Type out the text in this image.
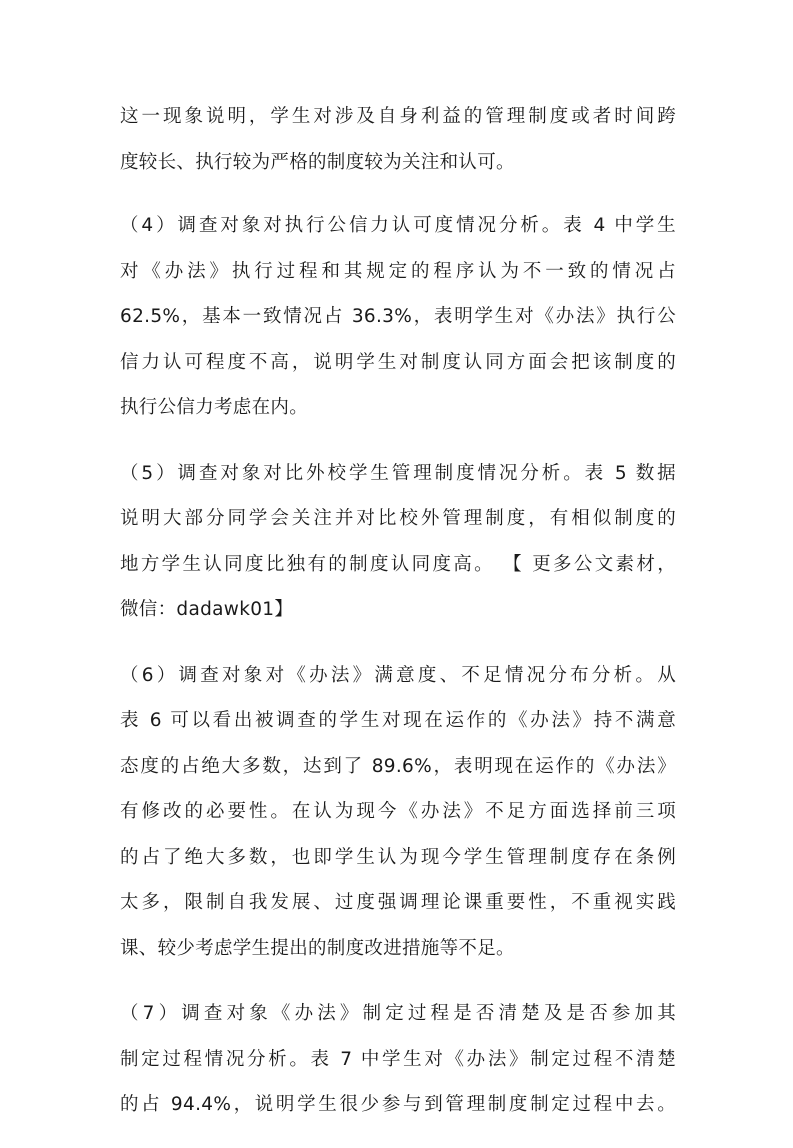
这一现象说明，学生对涉及自身利益的管理制度或者时间跨
度较长、执行较为严格的制度较为关注和认可。

（4）调查对象对执行公信力认可度情况分析。表 4 中学生
对《办法》执行过程和其规定的程序认为不一致的情况占
62.5%，基本一致情况占 36.3%，表明学生对《办法》执行公
信力认可程度不高，说明学生对制度认同方面会把该制度的
执行公信力考虑在内。

（5）调查对象对比外校学生管理制度情况分析。表 5 数据
说明大部分同学会关注并对比校外管理制度，有相似制度的
地方学生认同度比独有的制度认同度高。 【 更多公文素材，
微信：dadawk01】

（6）调查对象对《办法》满意度、不足情况分布分析。从
表 6 可以看出被调查的学生对现在运作的《办法》持不满意
态度的占绝大多数，达到了 89.6%，表明现在运作的《办法》
有修改的必要性。在认为现今《办法》不足方面选择前三项
的占了绝大多数，也即学生认为现今学生管理制度存在条例
太多，限制自我发展、过度强调理论课重要性，不重视实践
课、较少考虑学生提出的制度改进措施等不足。

（7）调查对象《办法》制定过程是否清楚及是否参加其
制定过程情况分析。表 7 中学生对《办法》制定过程不清楚
的占 94.4%，说明学生很少参与到管理制度制定过程中去。
